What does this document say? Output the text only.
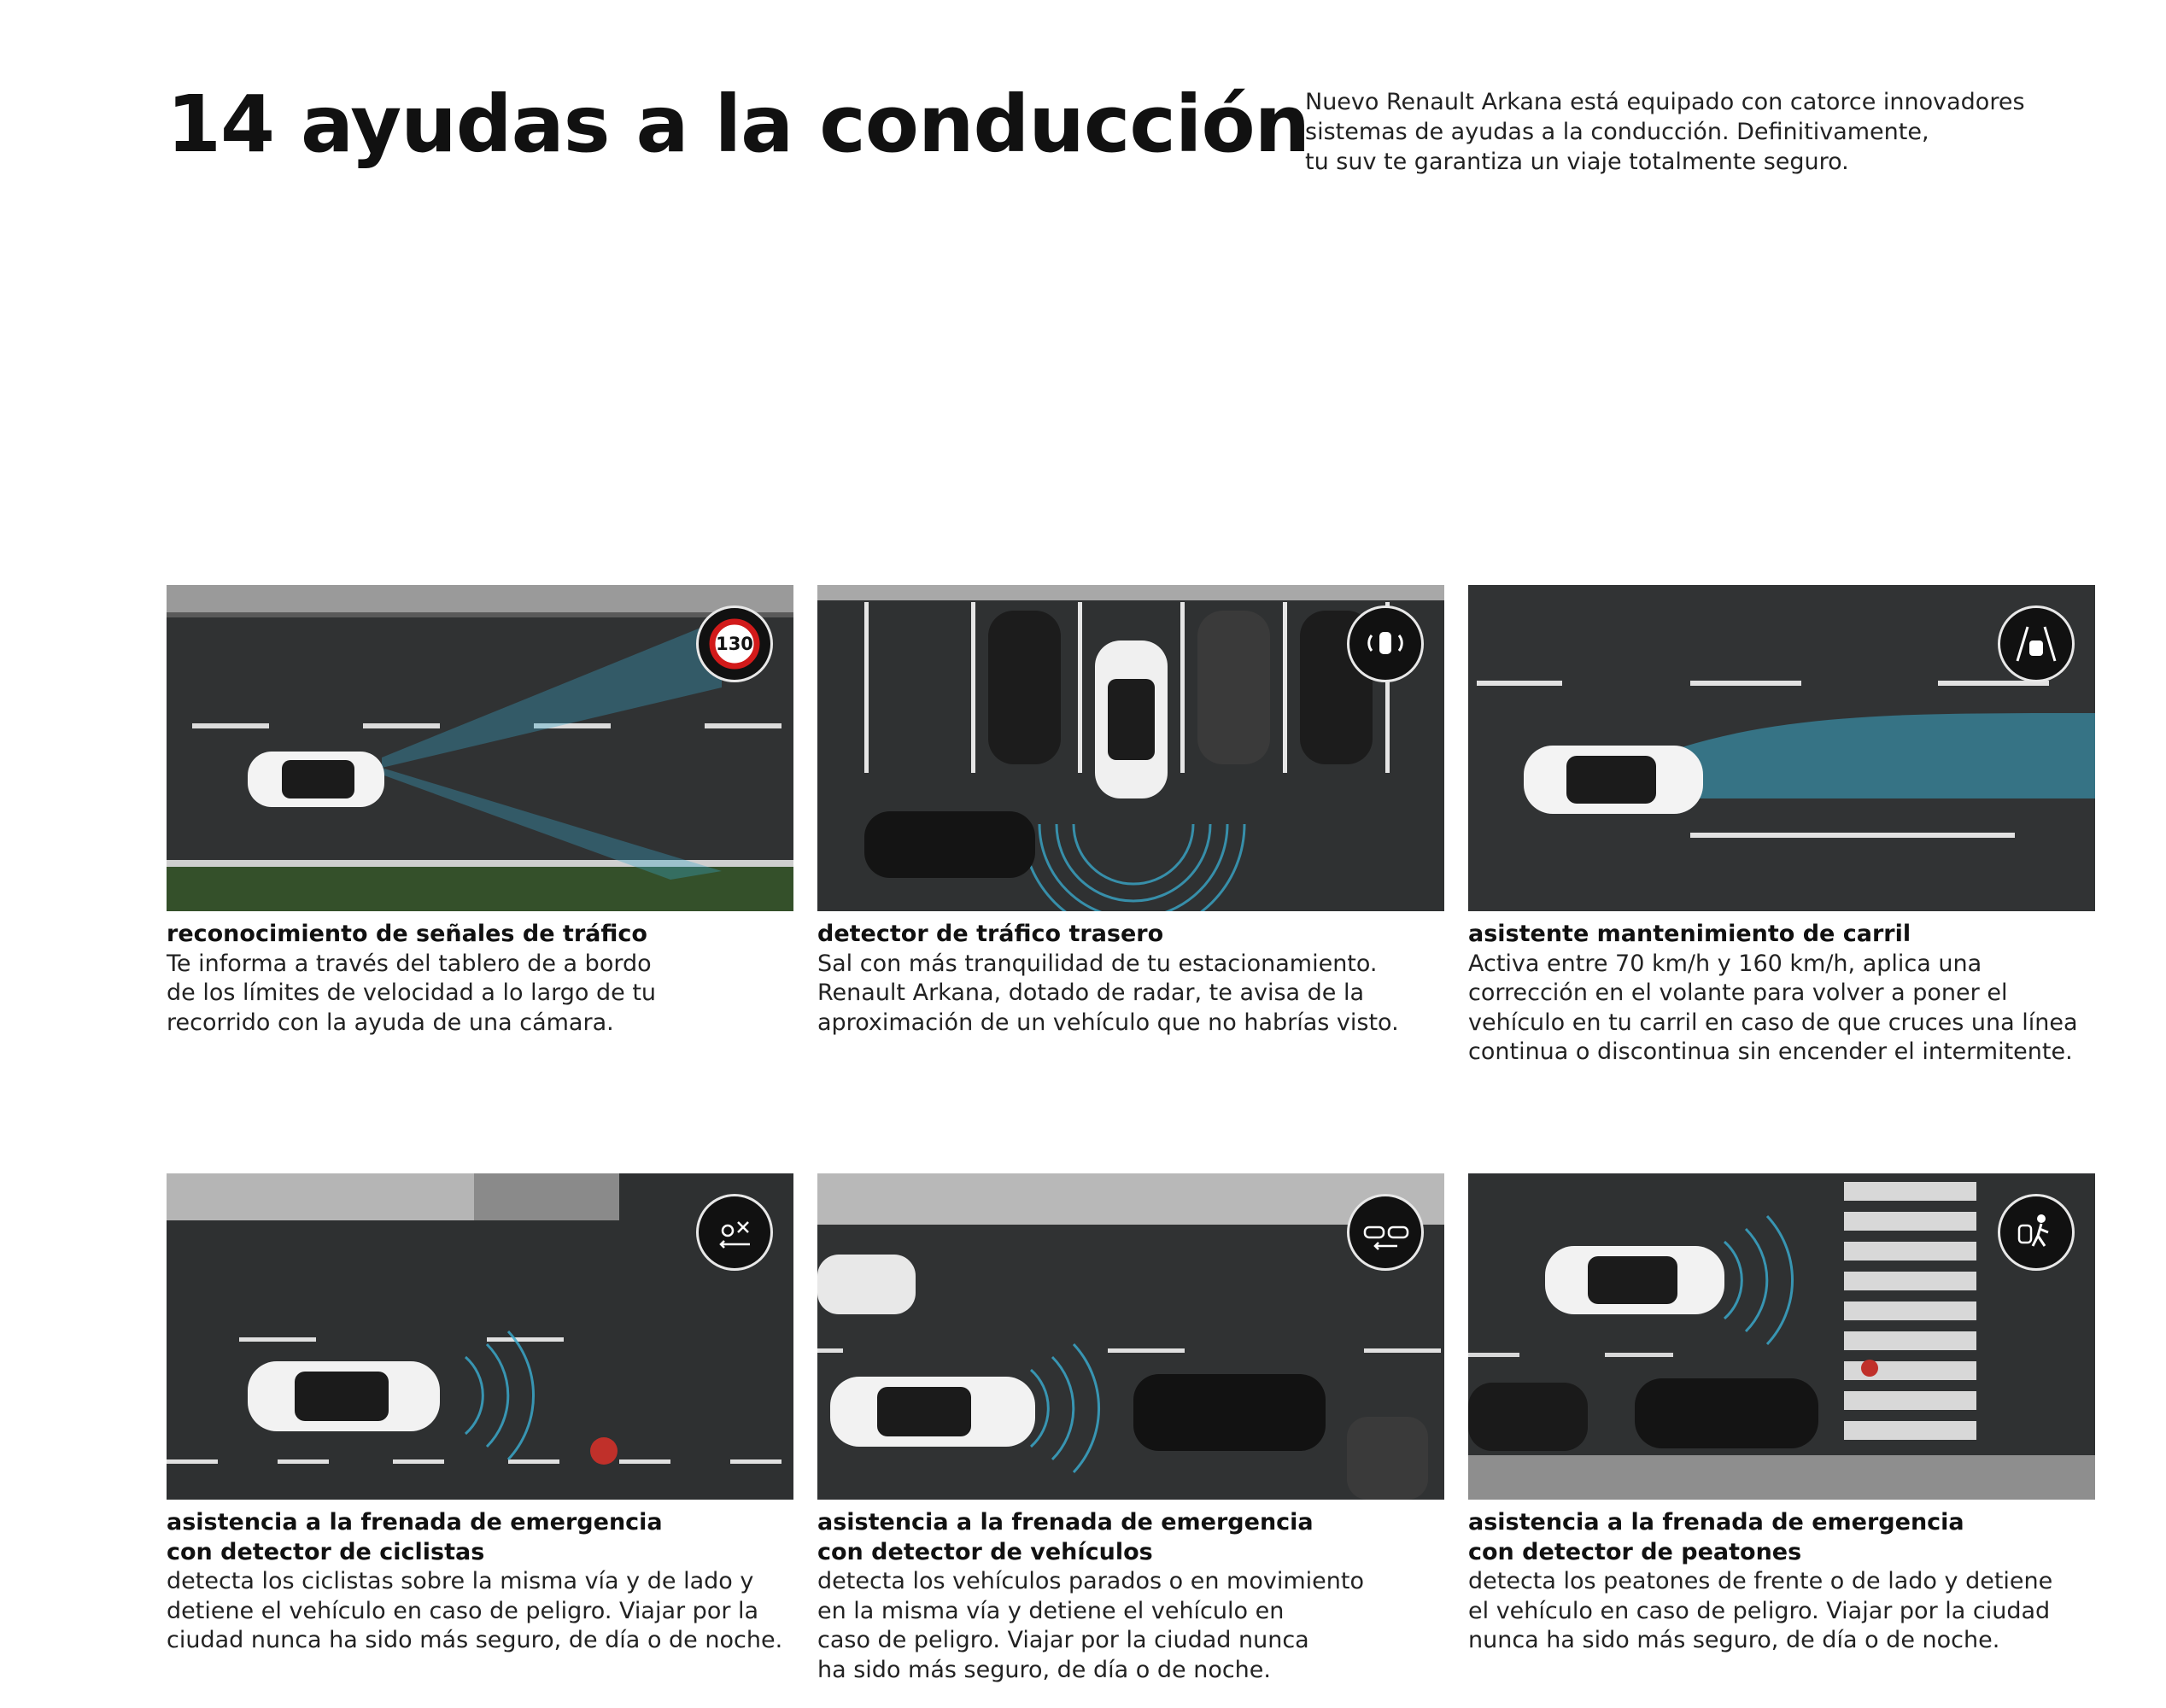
14 ayudas a la conducción
Nuevo Renault Arkana está equipado con catorce innovadores
sistemas de ayudas a la conducción. Definitivamente,
tu suv te garantiza un viaje totalmente seguro.
130
reconocimiento de señales de tráfico
Te informa a través del tablero de a bordo
de los límites de velocidad a lo largo de tu
recorrido con la ayuda de una cámara.
detector de tráfico trasero
Sal con más tranquilidad de tu estacionamiento.
Renault Arkana, dotado de radar, te avisa de la
aproximación de un vehículo que no habrías visto.
asistente mantenimiento de carril
Activa entre 70 km/h y 160 km/h, aplica una
corrección en el volante para volver a poner el
vehículo en tu carril en caso de que cruces una línea
continua o discontinua sin encender el intermitente.
asistencia a la frenada de emergencia
con detector de ciclistas
detecta los ciclistas sobre la misma vía y de lado y
detiene el vehículo en caso de peligro. Viajar por la
ciudad nunca ha sido más seguro, de día o de noche.
asistencia a la frenada de emergencia
con detector de vehículos
detecta los vehículos parados o en movimiento
en la misma vía y detiene el vehículo en
caso de peligro. Viajar por la ciudad nunca
ha sido más seguro, de día o de noche.
asistencia a la frenada de emergencia
con detector de peatones
detecta los peatones de frente o de lado y detiene
el vehículo en caso de peligro. Viajar por la ciudad
nunca ha sido más seguro, de día o de noche.
